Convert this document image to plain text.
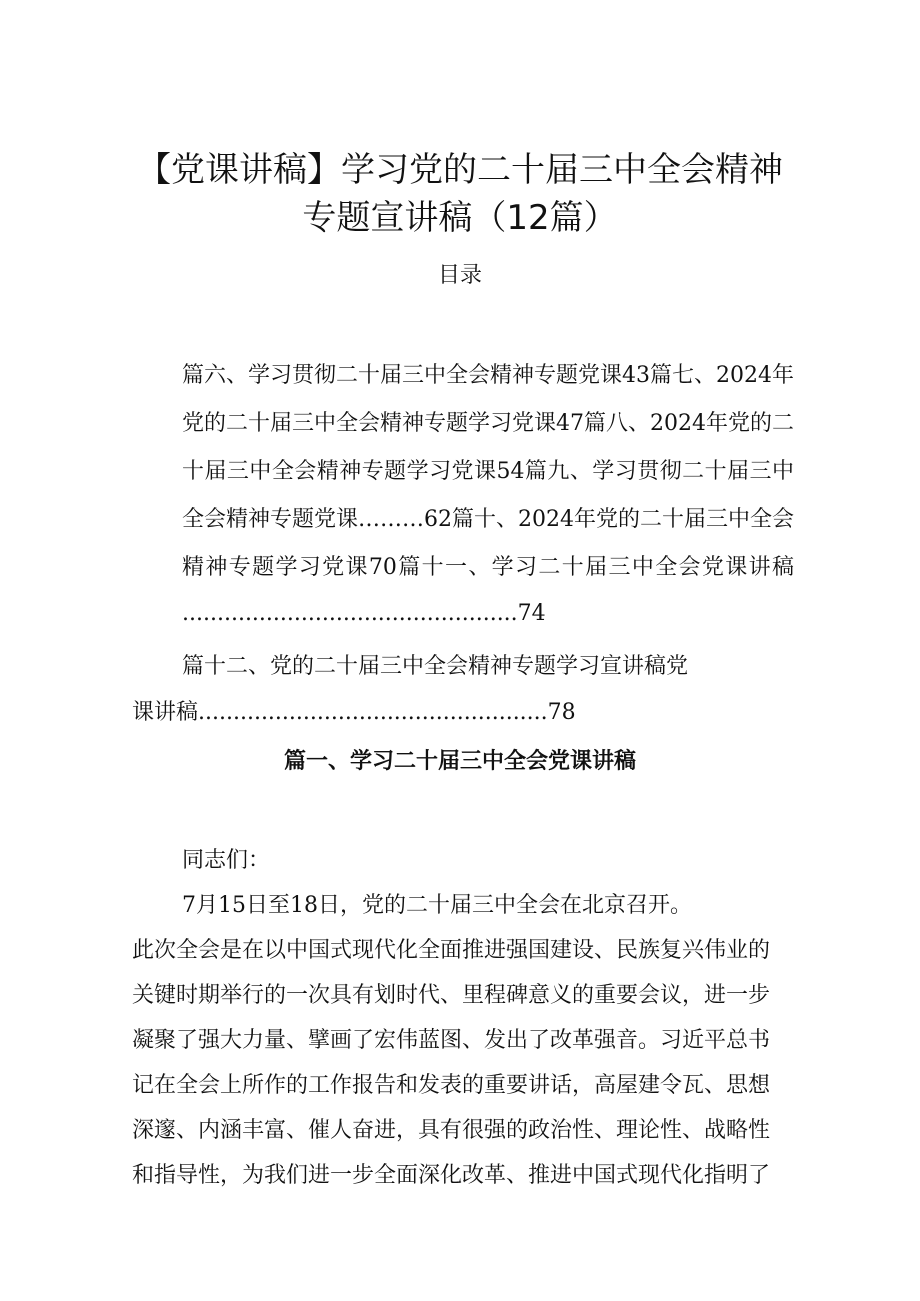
【党课讲稿】学习党的二十届三中全会精神
专题宣讲稿（12篇）
目录
篇六、学习贯彻二十届三中全会精神专题党课43篇七、2024年
党的二十届三中全会精神专题学习党课47篇八、2024年党的二
十届三中全会精神专题学习党课54篇九、学习贯彻二十届三中
全会精神专题党课………62篇十、2024年党的二十届三中全会
精神专题学习党课70篇十一、学习二十届三中全会党课讲稿
................................................74
篇十二、党的二十届三中全会精神专题学习宣讲稿党
课讲稿..................................................78
篇一、学习二十届三中全会党课讲稿
同志们：
7月15日至18日，党的二十届三中全会在北京召开。
此次全会是在以中国式现代化全面推进强国建设、民族复兴伟业的
关键时期举行的一次具有划时代、里程碑意义的重要会议，进一步
凝聚了强大力量、擘画了宏伟蓝图、发出了改革强音。习近平总书
记在全会上所作的工作报告和发表的重要讲话，高屋建令瓦、思想
深邃、内涵丰富、催人奋进，具有很强的政治性、理论性、战略性
和指导性，为我们进一步全面深化改革、推进中国式现代化指明了
